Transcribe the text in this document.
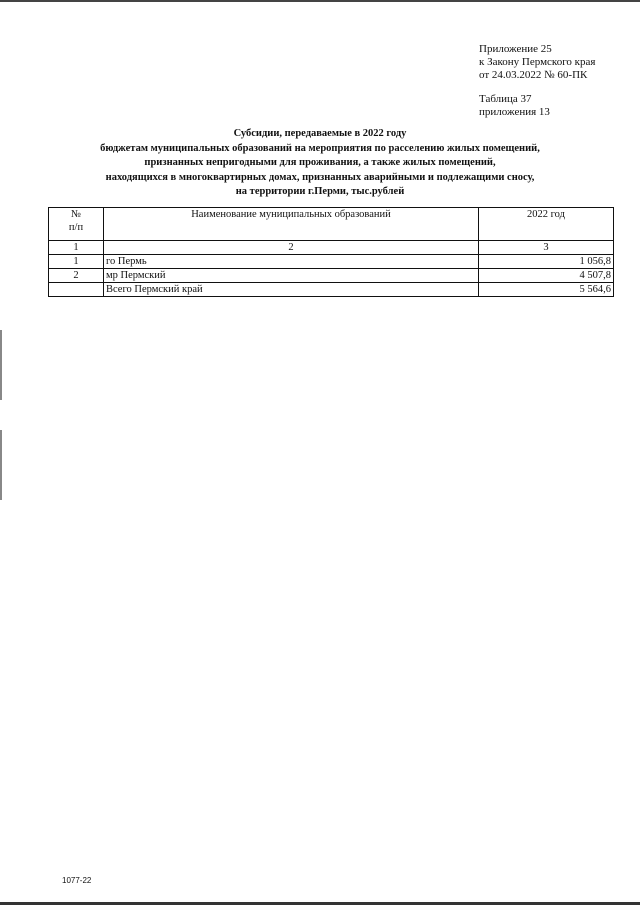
Приложение 25
к Закону Пермского края
от 24.03.2022 № 60-ПК
Таблица 37
приложения 13
Субсидии, передаваемые в 2022 году
бюджетам муниципальных образований на мероприятия по расселению жилых помещений,
признанных непригодными для проживания, а также жилых помещений,
находящихся в многоквартирных домах, признанных аварийными и подлежащими сносу,
на территории г.Перми, тыс.рублей
№
п/п	Наименование муниципальных образований	2022 год
1	2	3
1	го Пермь	1 056,8
2	мр Пермский	4 507,8
	Всего Пермский край	5 564,6
1077-22
